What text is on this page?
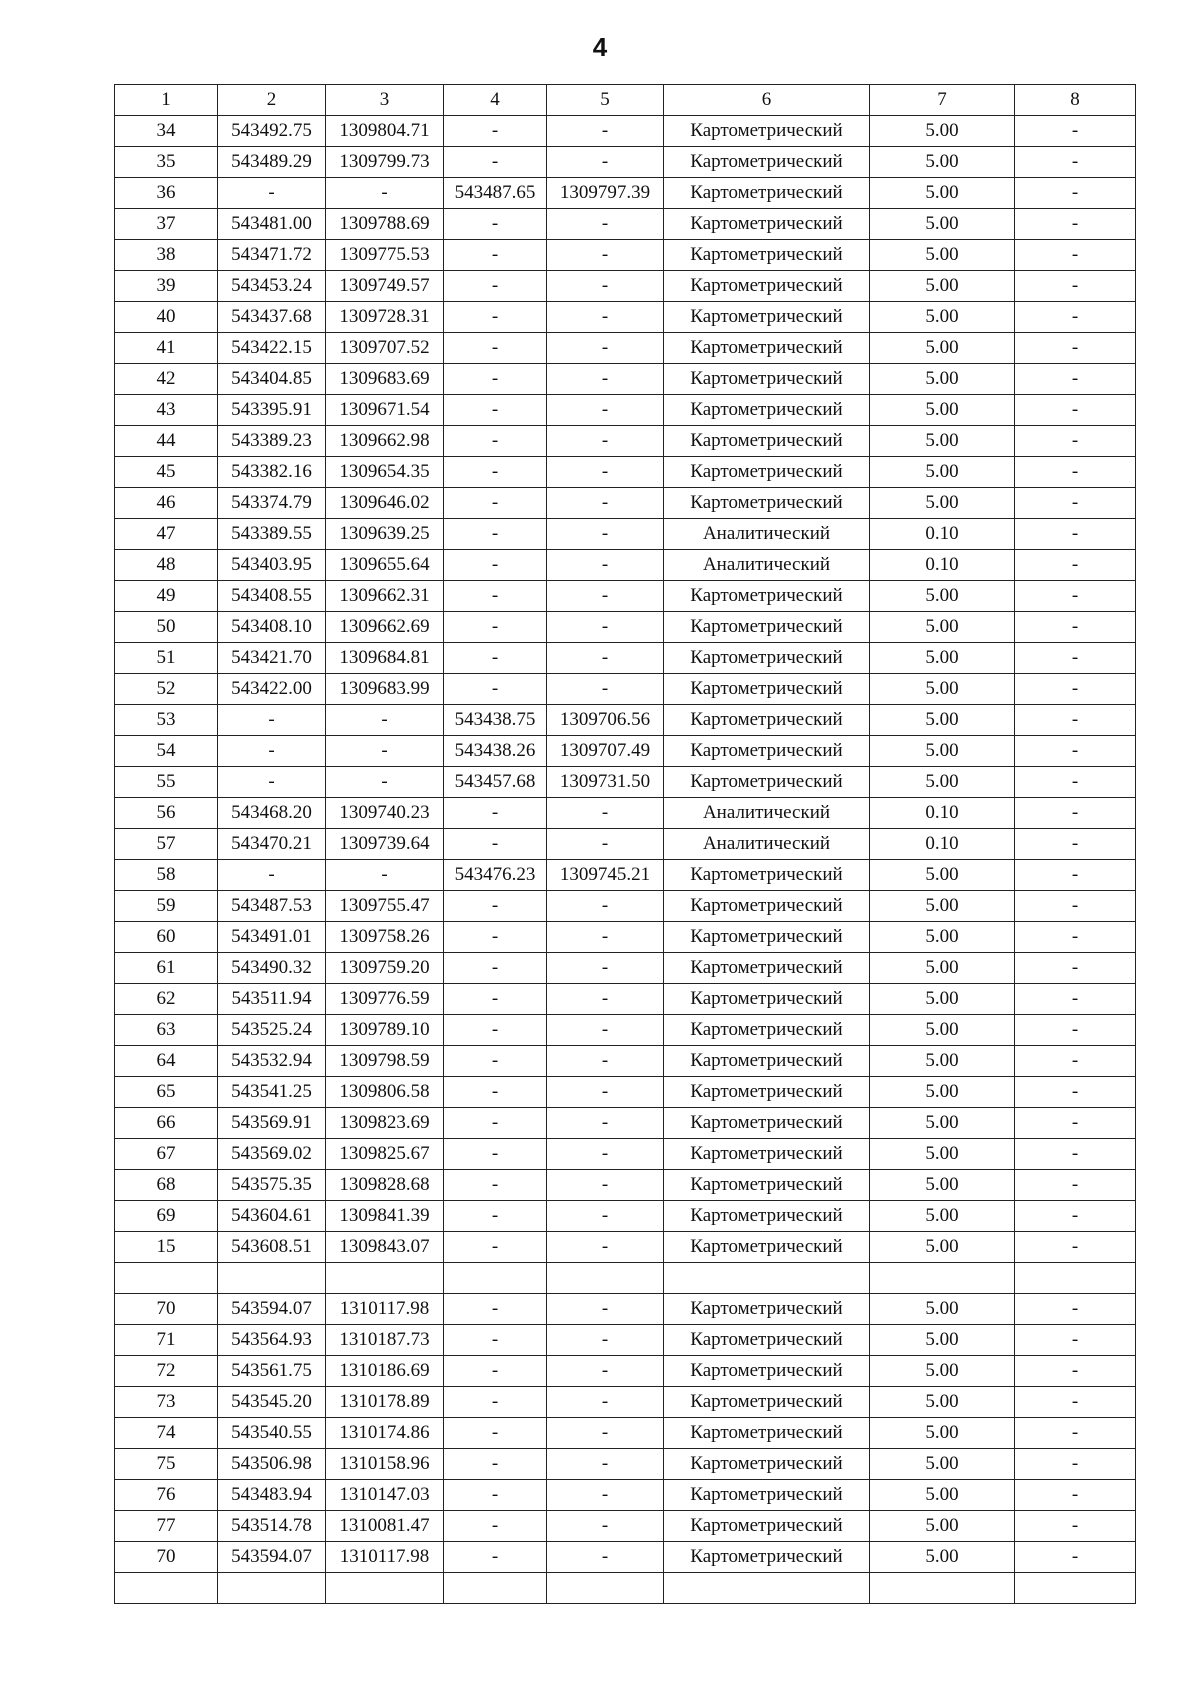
4
1	2	3	4	5	6	7	8
34	543492.75	1309804.71	-	-	Картометрический	5.00	-
35	543489.29	1309799.73	-	-	Картометрический	5.00	-
36	-	-	543487.65	1309797.39	Картометрический	5.00	-
37	543481.00	1309788.69	-	-	Картометрический	5.00	-
38	543471.72	1309775.53	-	-	Картометрический	5.00	-
39	543453.24	1309749.57	-	-	Картометрический	5.00	-
40	543437.68	1309728.31	-	-	Картометрический	5.00	-
41	543422.15	1309707.52	-	-	Картометрический	5.00	-
42	543404.85	1309683.69	-	-	Картометрический	5.00	-
43	543395.91	1309671.54	-	-	Картометрический	5.00	-
44	543389.23	1309662.98	-	-	Картометрический	5.00	-
45	543382.16	1309654.35	-	-	Картометрический	5.00	-
46	543374.79	1309646.02	-	-	Картометрический	5.00	-
47	543389.55	1309639.25	-	-	Аналитический	0.10	-
48	543403.95	1309655.64	-	-	Аналитический	0.10	-
49	543408.55	1309662.31	-	-	Картометрический	5.00	-
50	543408.10	1309662.69	-	-	Картометрический	5.00	-
51	543421.70	1309684.81	-	-	Картометрический	5.00	-
52	543422.00	1309683.99	-	-	Картометрический	5.00	-
53	-	-	543438.75	1309706.56	Картометрический	5.00	-
54	-	-	543438.26	1309707.49	Картометрический	5.00	-
55	-	-	543457.68	1309731.50	Картометрический	5.00	-
56	543468.20	1309740.23	-	-	Аналитический	0.10	-
57	543470.21	1309739.64	-	-	Аналитический	0.10	-
58	-	-	543476.23	1309745.21	Картометрический	5.00	-
59	543487.53	1309755.47	-	-	Картометрический	5.00	-
60	543491.01	1309758.26	-	-	Картометрический	5.00	-
61	543490.32	1309759.20	-	-	Картометрический	5.00	-
62	543511.94	1309776.59	-	-	Картометрический	5.00	-
63	543525.24	1309789.10	-	-	Картометрический	5.00	-
64	543532.94	1309798.59	-	-	Картометрический	5.00	-
65	543541.25	1309806.58	-	-	Картометрический	5.00	-
66	543569.91	1309823.69	-	-	Картометрический	5.00	-
67	543569.02	1309825.67	-	-	Картометрический	5.00	-
68	543575.35	1309828.68	-	-	Картометрический	5.00	-
69	543604.61	1309841.39	-	-	Картометрический	5.00	-
15	543608.51	1309843.07	-	-	Картометрический	5.00	-

70	543594.07	1310117.98	-	-	Картометрический	5.00	-
71	543564.93	1310187.73	-	-	Картометрический	5.00	-
72	543561.75	1310186.69	-	-	Картометрический	5.00	-
73	543545.20	1310178.89	-	-	Картометрический	5.00	-
74	543540.55	1310174.86	-	-	Картометрический	5.00	-
75	543506.98	1310158.96	-	-	Картометрический	5.00	-
76	543483.94	1310147.03	-	-	Картометрический	5.00	-
77	543514.78	1310081.47	-	-	Картометрический	5.00	-
70	543594.07	1310117.98	-	-	Картометрический	5.00	-
